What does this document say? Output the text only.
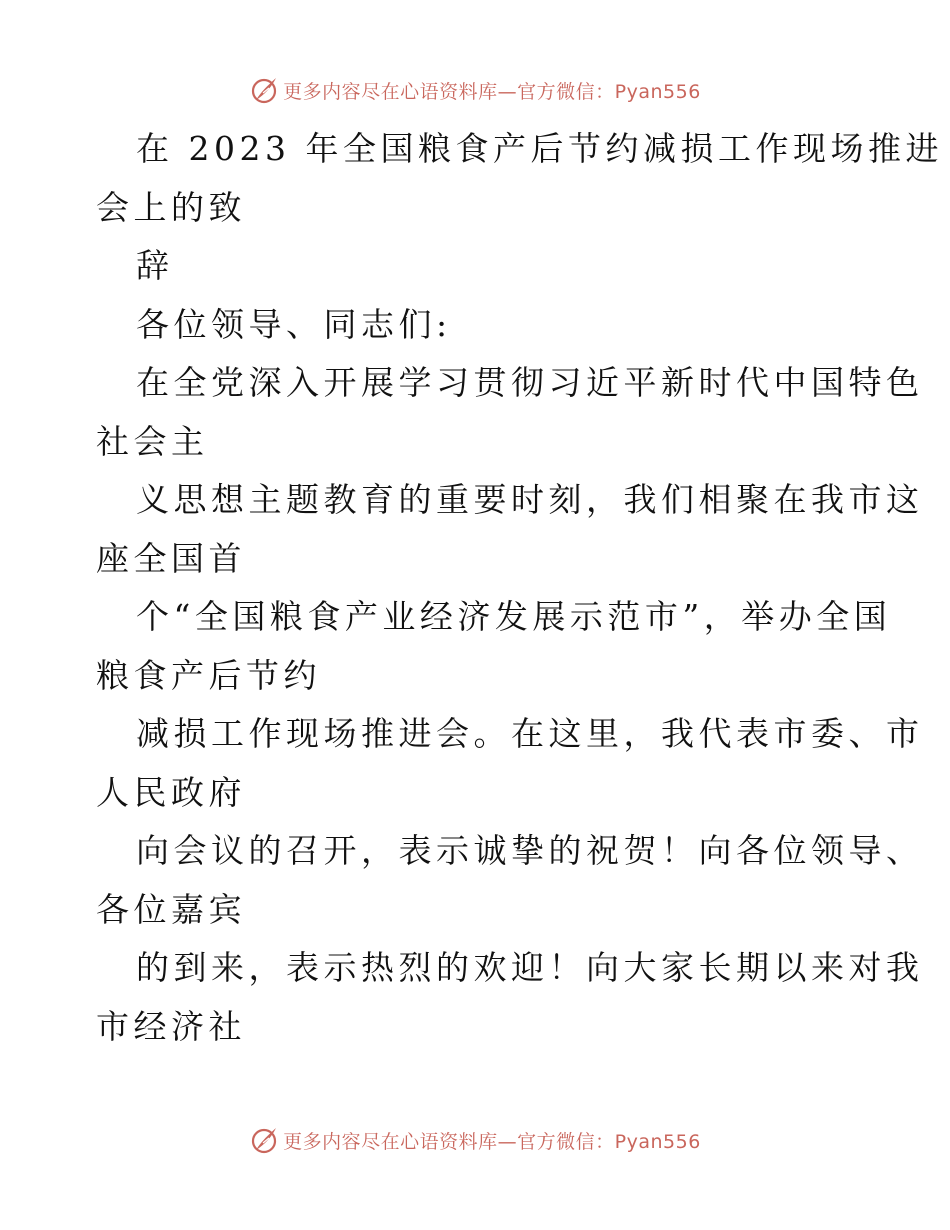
更多内容尽在心语资料库—官方微信：Pyan556
在 2023 年全国粮食产后节约减损工作现场推进
会上的致
辞
各位领导、同志们:
在全党深入开展学习贯彻习近平新时代中国特色
社会主
义思想主题教育的重要时刻，我们相聚在我市这
座全国首
个“全国粮食产业经济发展示范市”，举办全国
粮食产后节约
减损工作现场推进会。在这里，我代表市委、市
人民政府
向会议的召开，表示诚挚的祝贺！向各位领导、
各位嘉宾
的到来，表示热烈的欢迎！向大家长期以来对我
市经济社
更多内容尽在心语资料库—官方微信：Pyan556
